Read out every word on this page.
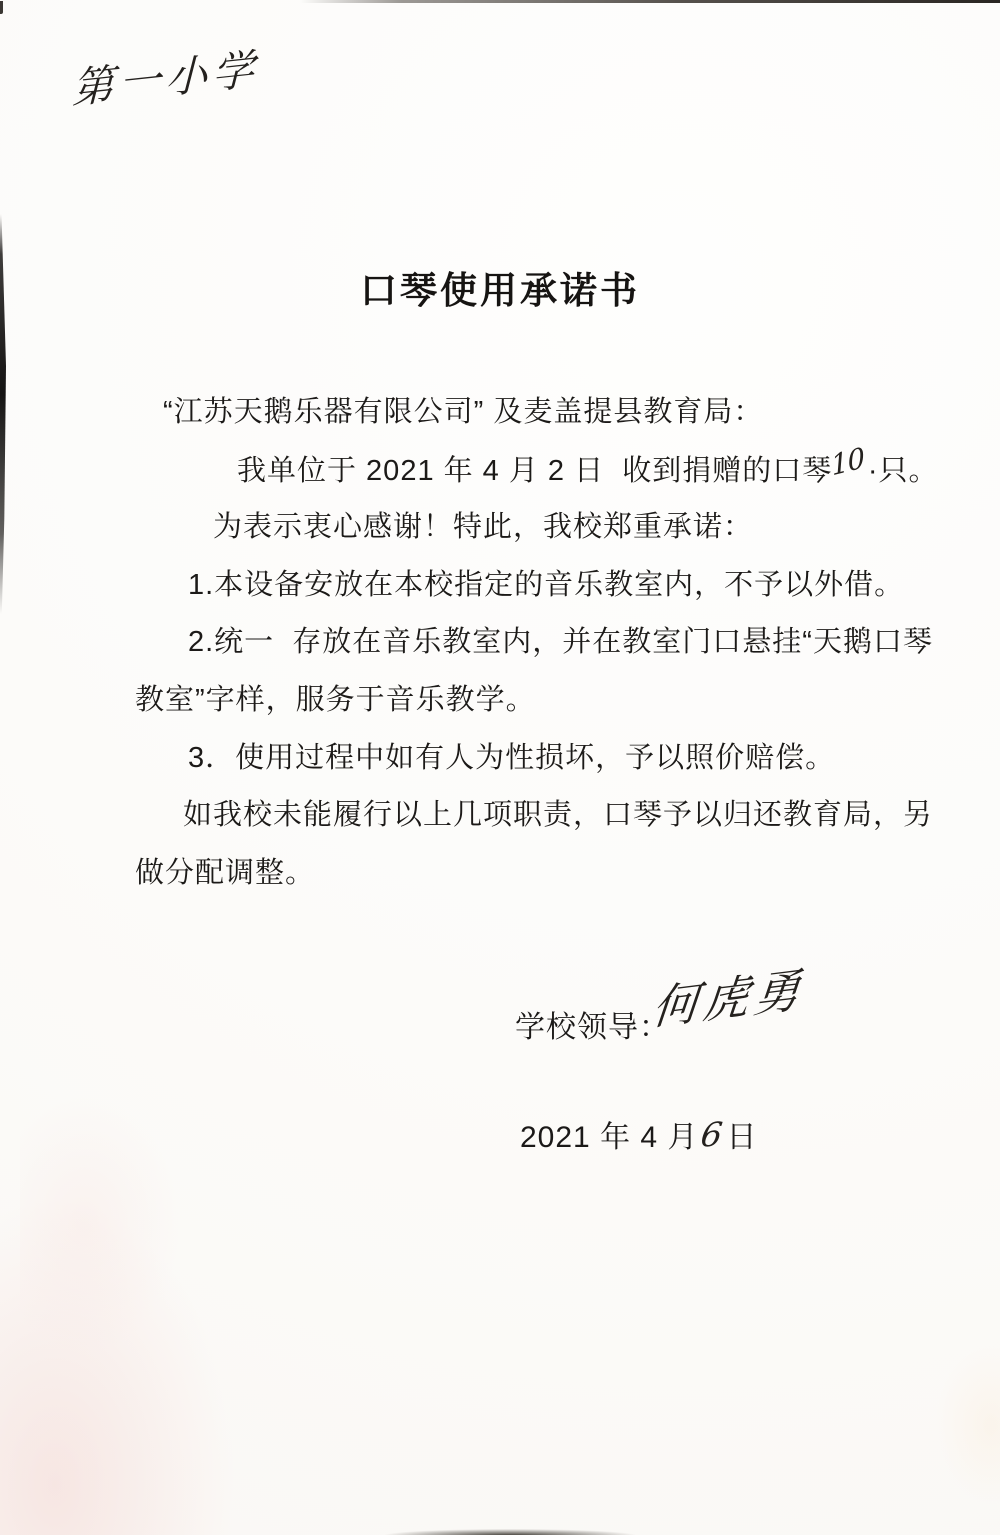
第一小学
口琴使用承诺书
“江苏天鹅乐器有限公司” 及麦盖提县教育局：
我单位于 2021 年 4 月 2 日  收到捐赠的口琴10·只。
为表示衷心感谢！特此，我校郑重承诺：
1.本设备安放在本校指定的音乐教室内，不予以外借。
2.统一  存放在音乐教室内，并在教室门口悬挂“天鹅口琴
教室”字样，服务于音乐教学。
3．使用过程中如有人为性损坏，予以照价赔偿。
如我校未能履行以上几项职责，口琴予以归还教育局，另
做分配调整。
学校领导：
何虎勇
2021 年 4 月6日
